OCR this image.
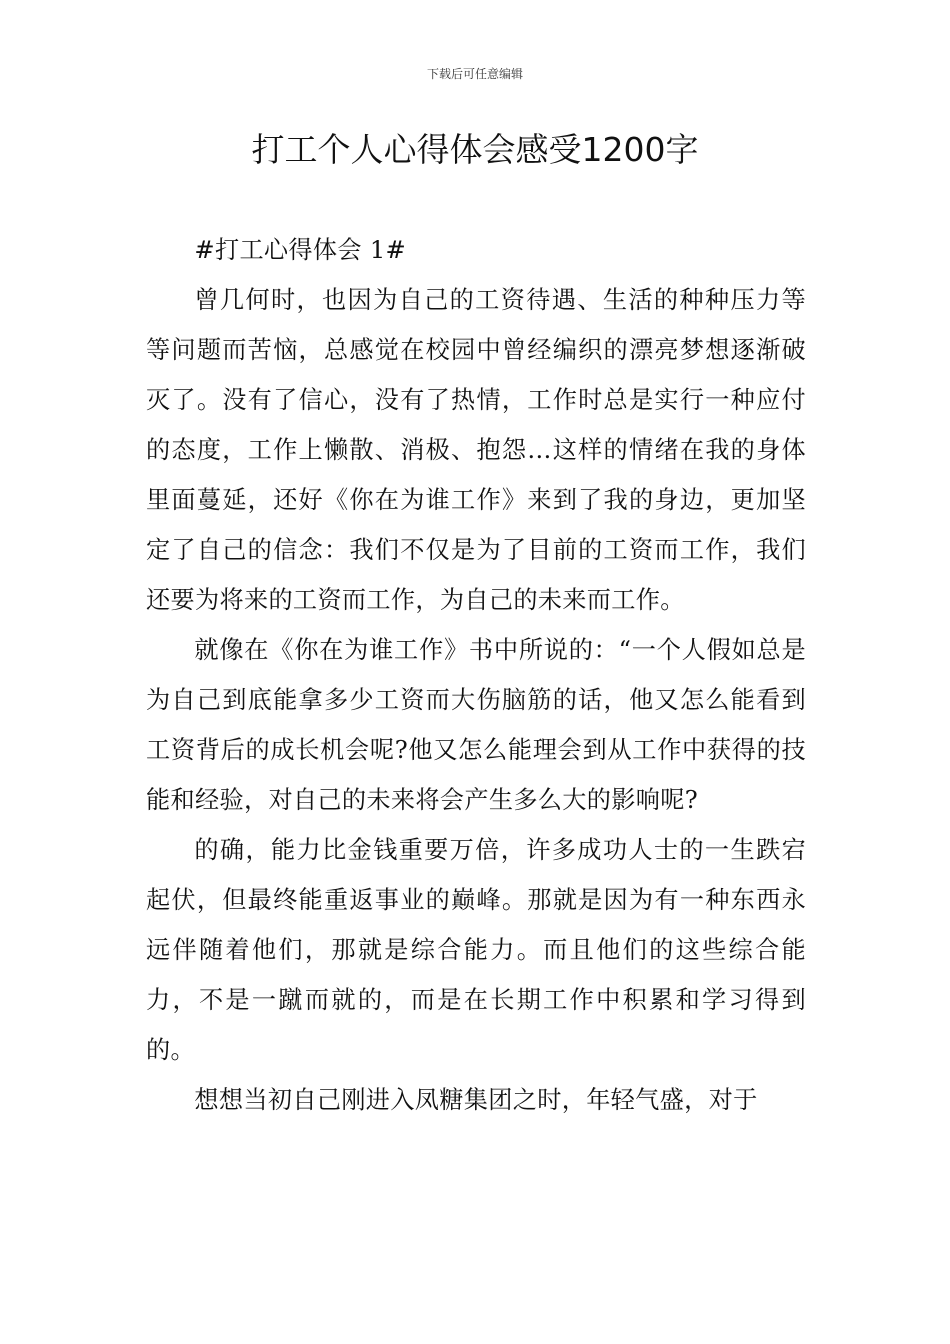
下载后可任意编辑
打工个人心得体会感受1200字

#打工心得体会 1#

曾几何时，也因为自己的工资待遇、生活的种种压力等等问题而苦恼，总感觉在校园中曾经编织的漂亮梦想逐渐破灭了。没有了信心，没有了热情，工作时总是实行一种应付的态度，工作上懒散、消极、抱怨…这样的情绪在我的身体里面蔓延，还好《你在为谁工作》来到了我的身边，更加坚定了自己的信念：我们不仅是为了目前的工资而工作，我们还要为将来的工资而工作，为自己的未来而工作。

就像在《你在为谁工作》书中所说的：“一个人假如总是为自己到底能拿多少工资而大伤脑筋的话，他又怎么能看到工资背后的成长机会呢?他又怎么能理会到从工作中获得的技能和经验，对自己的未来将会产生多么大的影响呢?

的确，能力比金钱重要万倍，许多成功人士的一生跌宕起伏，但最终能重返事业的巅峰。那就是因为有一种东西永远伴随着他们，那就是综合能力。而且他们的这些综合能力，不是一蹴而就的，而是在长期工作中积累和学习得到的。

想想当初自己刚进入凤糖集团之时，年轻气盛，对于
